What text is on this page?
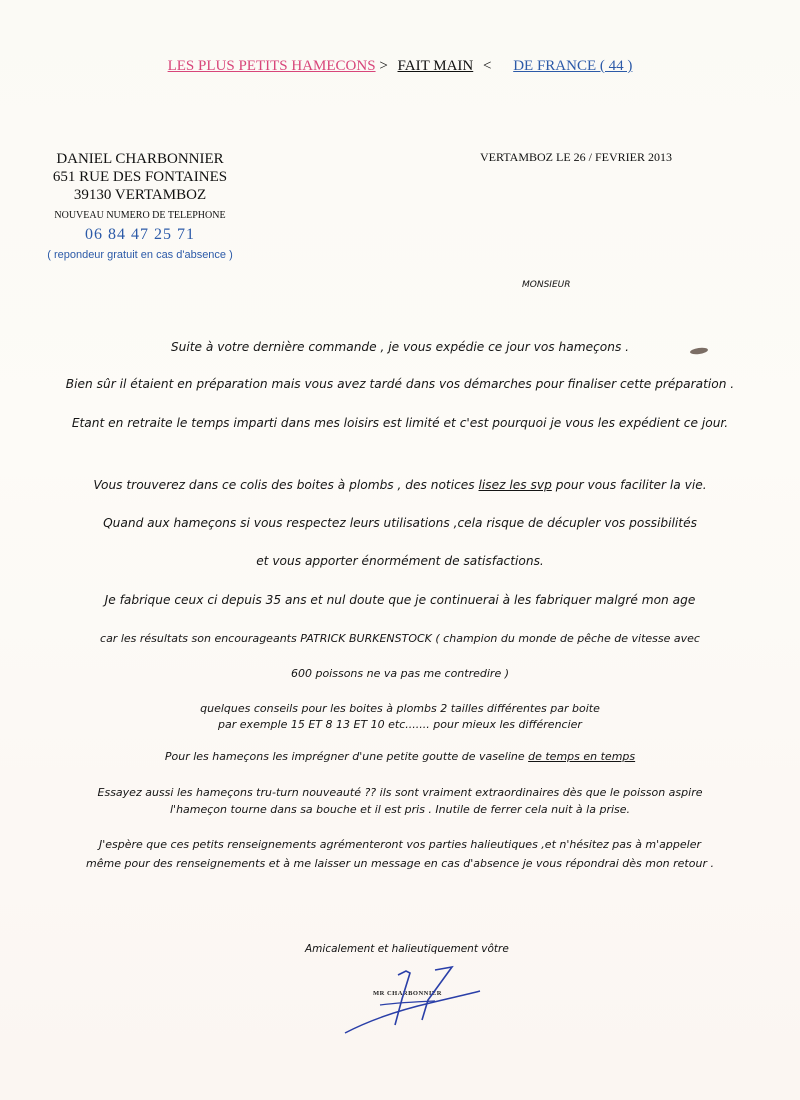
LES PLUS PETITS HAMECONS > FAIT MAIN < DE FRANCE ( 44 )
DANIEL CHARBONNIER
651 RUE DES FONTAINES
39130 VERTAMBOZ
NOUVEAU NUMERO DE TELEPHONE
06 84 47 25 71
( repondeur gratuit en cas d'absence )
VERTAMBOZ LE 26 / FEVRIER 2013
MONSIEUR
Suite à votre dernière commande , je vous expédie ce jour vos hameçons .
Bien sûr il étaient en préparation mais vous avez tardé dans vos démarches pour finaliser cette préparation .
Etant en retraite le temps imparti dans mes loisirs est limité et c'est pourquoi je vous les expédient ce jour.
Vous trouverez dans ce colis des boites à plombs , des notices lisez les svp pour vous faciliter la vie.
Quand aux hameçons si vous respectez leurs utilisations ,cela risque de décupler vos possibilités
et vous apporter énormément de satisfactions.
Je fabrique ceux ci depuis 35 ans et nul doute que je continuerai à les fabriquer malgré mon age
car les résultats son encourageants PATRICK BURKENSTOCK ( champion du monde de pêche de vitesse avec
600 poissons ne va pas me contredire )
quelques conseils pour les boites à plombs 2 tailles différentes par boite
par exemple 15 ET 8 13 ET 10 etc....... pour mieux les différencier
Pour les hameçons les imprégner d'une petite goutte de vaseline de temps en temps
Essayez aussi les hameçons tru-turn nouveauté ?? ils sont vraiment extraordinaires dès que le poisson aspire
l'hameçon tourne dans sa bouche et il est pris . Inutile de ferrer cela nuit à la prise.
J'espère que ces petits renseignements agrémenteront vos parties halieutiques ,et n'hésitez pas à m'appeler
même pour des renseignements et à me laisser un message en cas d'absence je vous répondrai dès mon retour .
Amicalement et halieutiquement vôtre
MR CHARBONNIER
